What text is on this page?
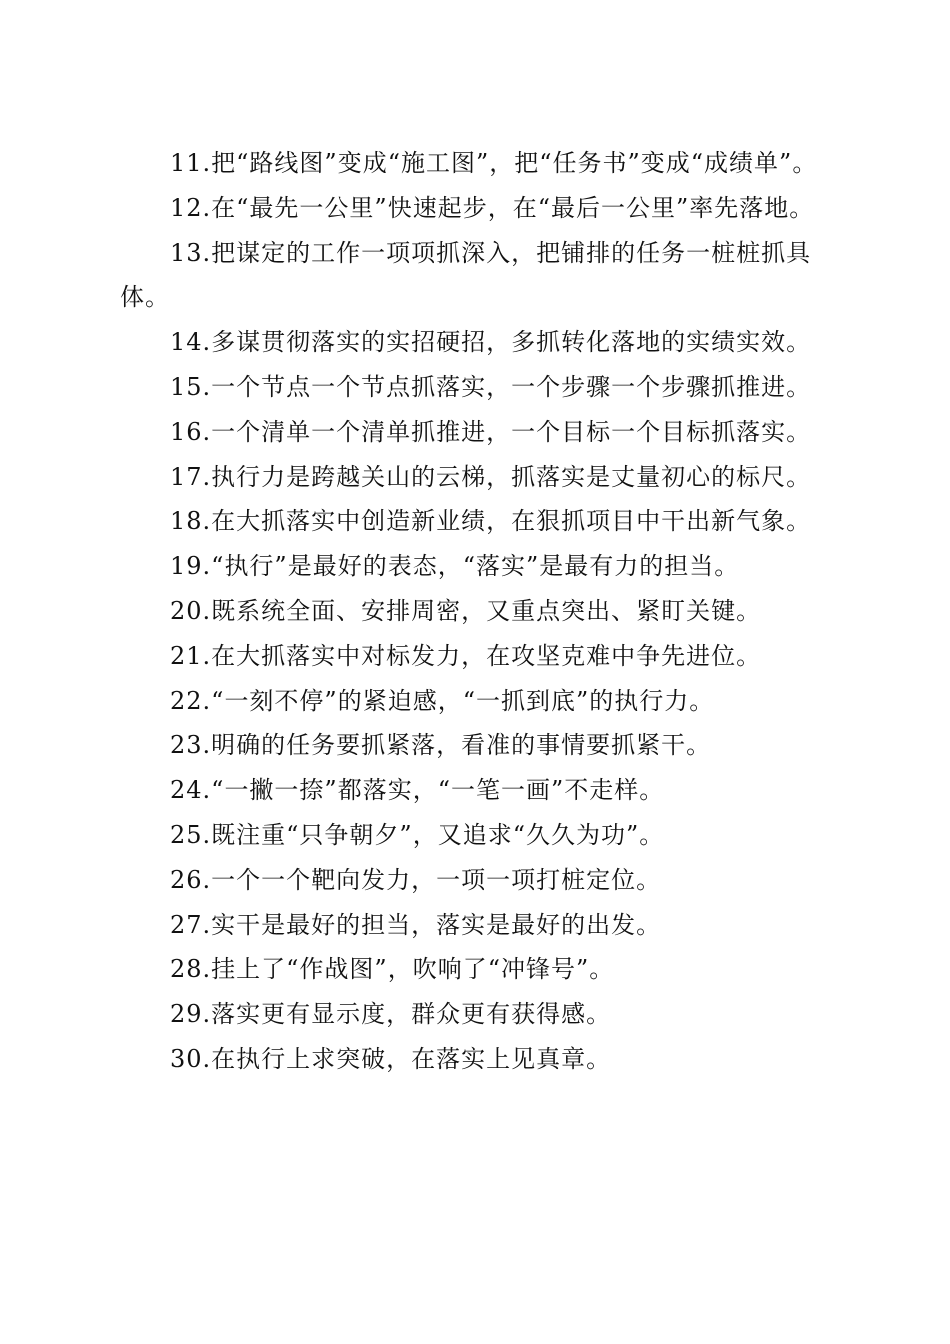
11.把“路线图”变成“施工图”，把“任务书”变成“成绩单”。

12.在“最先一公里”快速起步，在“最后一公里”率先落地。

13.把谋定的工作一项项抓深入，把铺排的任务一桩桩抓具体。

14.多谋贯彻落实的实招硬招，多抓转化落地的实绩实效。

15.一个节点一个节点抓落实，一个步骤一个步骤抓推进。

16.一个清单一个清单抓推进，一个目标一个目标抓落实。

17.执行力是跨越关山的云梯，抓落实是丈量初心的标尺。

18.在大抓落实中创造新业绩，在狠抓项目中干出新气象。

19.“执行”是最好的表态，“落实”是最有力的担当。

20.既系统全面、安排周密，又重点突出、紧盯关键。

21.在大抓落实中对标发力，在攻坚克难中争先进位。

22.“一刻不停”的紧迫感，“一抓到底”的执行力。

23.明确的任务要抓紧落，看准的事情要抓紧干。

24.“一撇一捺”都落实，“一笔一画”不走样。

25.既注重“只争朝夕”，又追求“久久为功”。

26.一个一个靶向发力，一项一项打桩定位。

27.实干是最好的担当，落实是最好的出发。

28.挂上了“作战图”，吹响了“冲锋号”。

29.落实更有显示度，群众更有获得感。

30.在执行上求突破，在落实上见真章。
